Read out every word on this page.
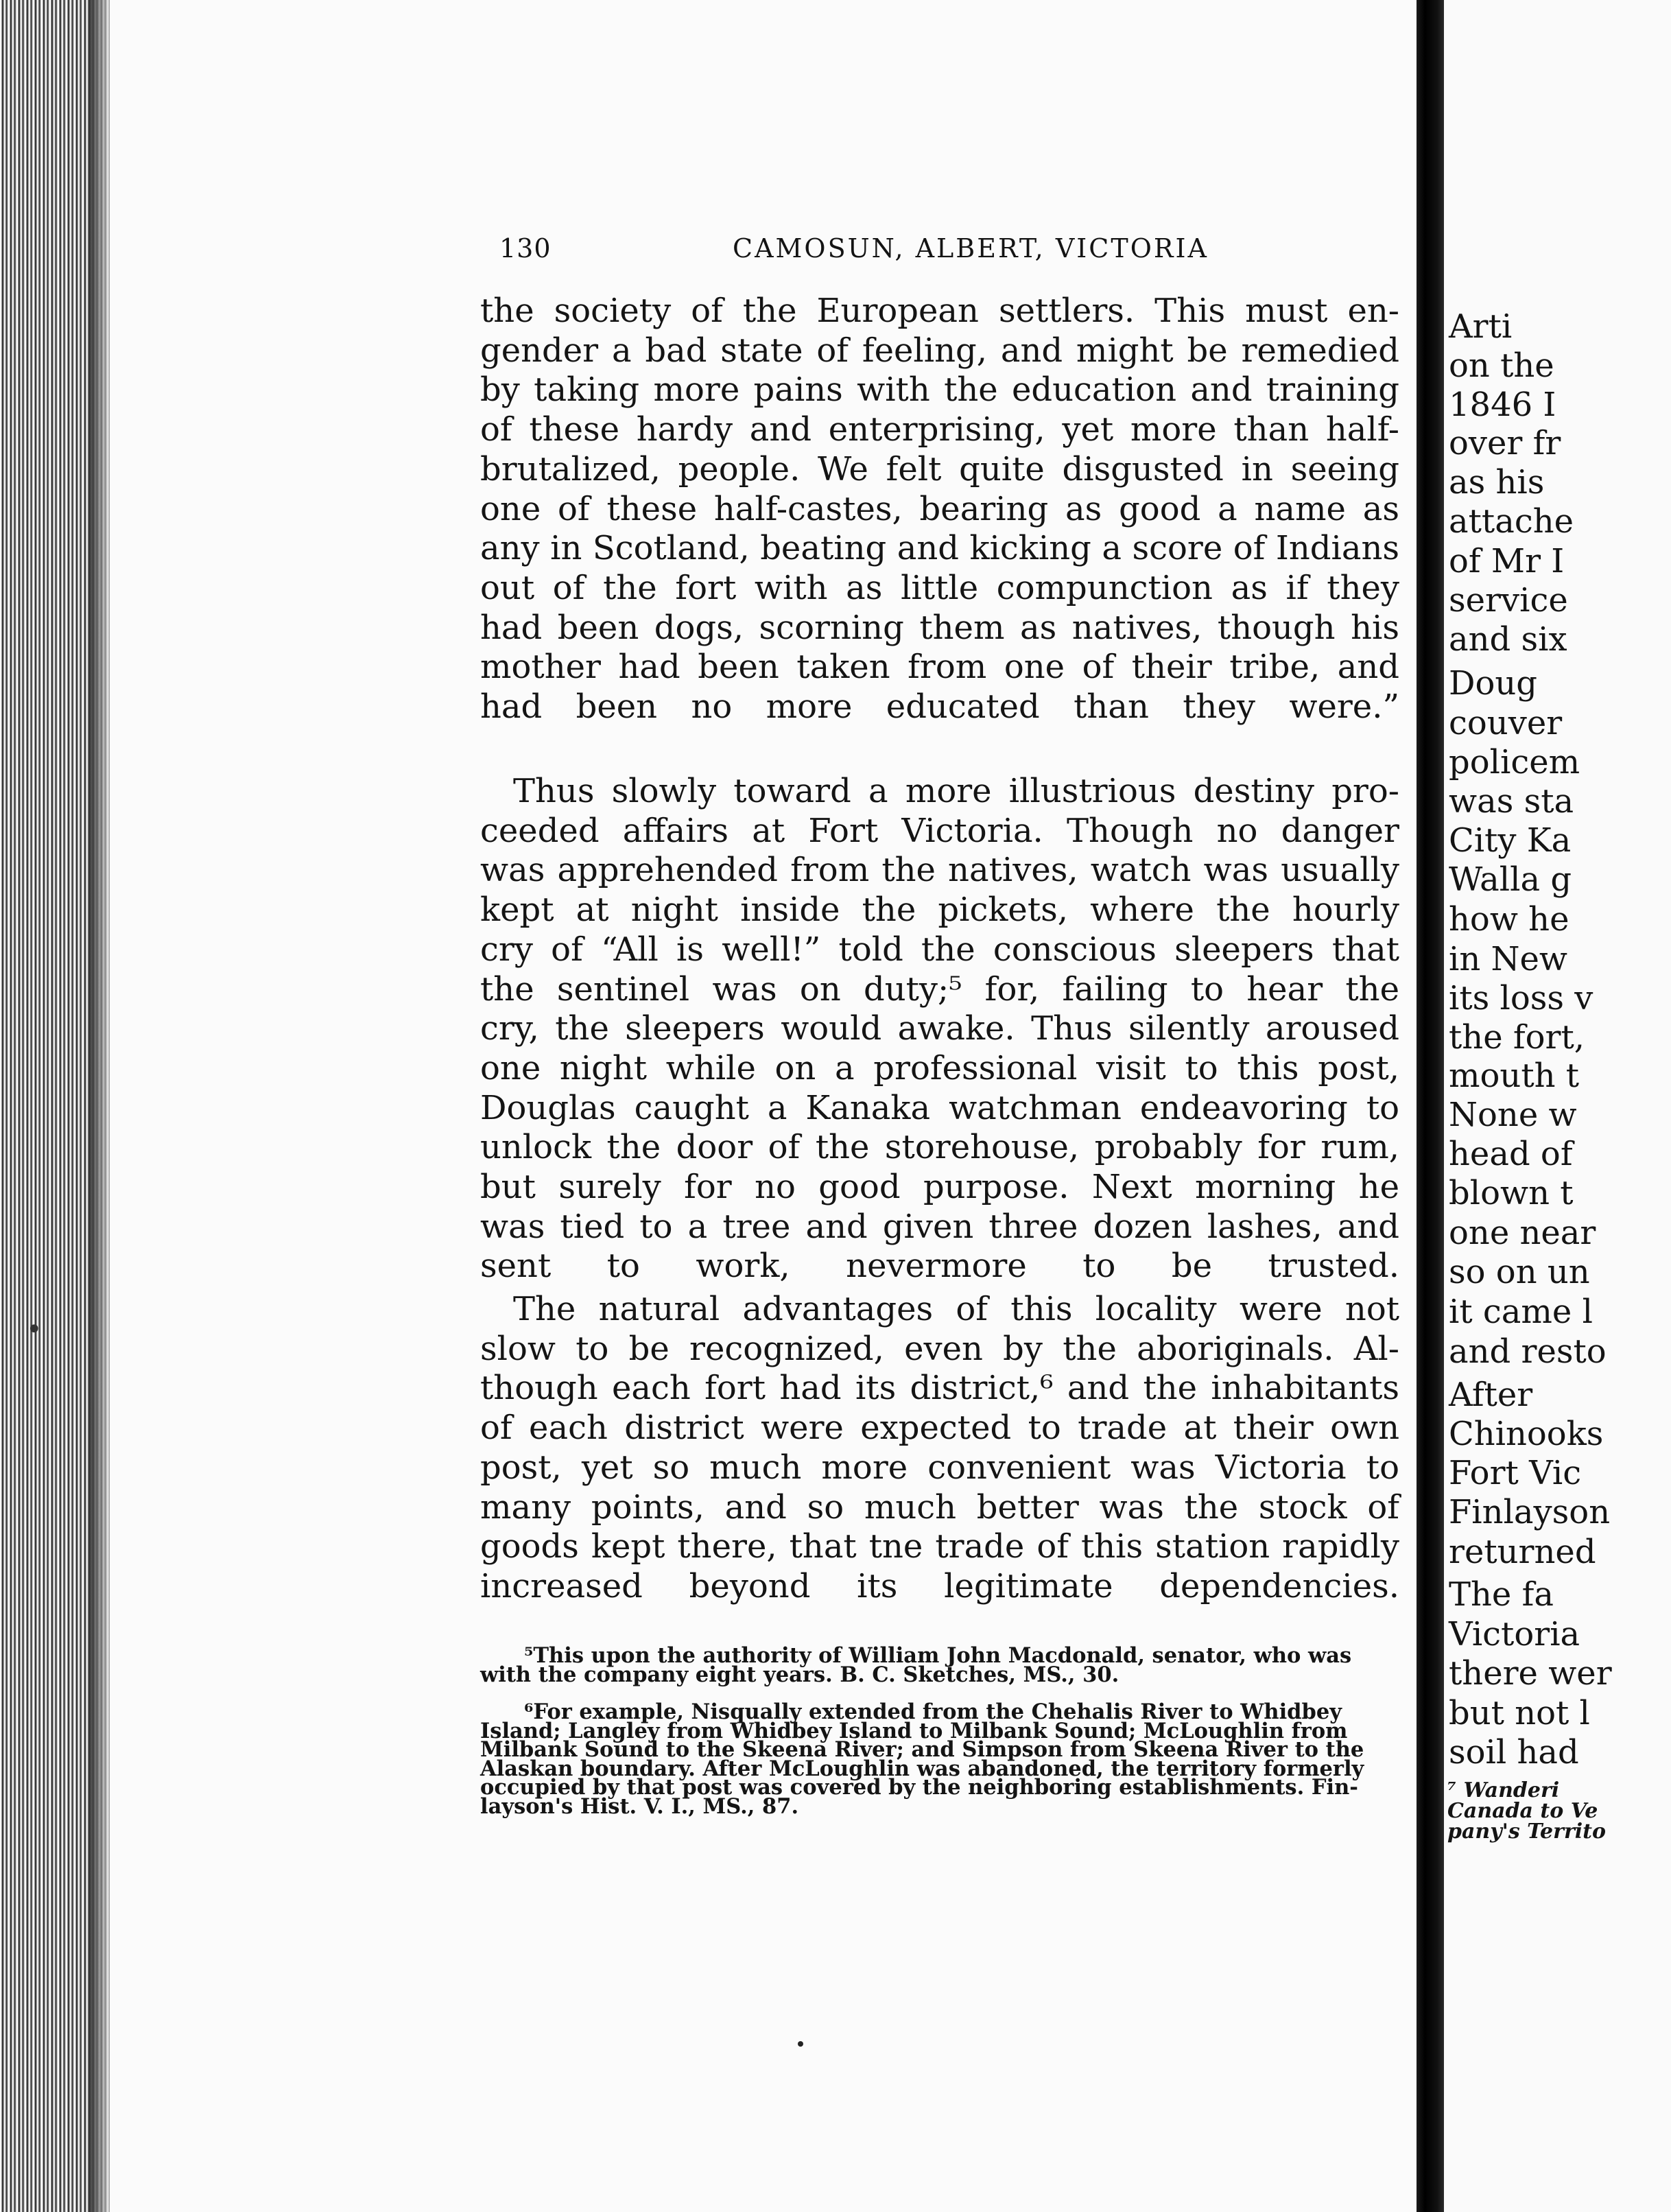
•
130	CAMOSUN, ALBERT, VICTORIA
the society of the European settlers. This must en-
gender a bad state of feeling, and might be remedied
by taking more pains with the education and training
of these hardy and enterprising, yet more than half-
brutalized, people. We felt quite disgusted in seeing
one of these half-castes, bearing as good a name as
any in Scotland, beating and kicking a score of Indians
out of the fort with as little compunction as if they
had been dogs, scorning them as natives, though his
mother had been taken from one of their tribe, and
had been no more educated than they were.”
Thus slowly toward a more illustrious destiny pro-
ceeded affairs at Fort Victoria. Though no danger
was apprehended from the natives, watch was usually
kept at night inside the pickets, where the hourly
cry of “All is well!” told the conscious sleepers that
the sentinel was on duty;⁵ for, failing to hear the
cry, the sleepers would awake. Thus silently aroused
one night while on a professional visit to this post,
Douglas caught a Kanaka watchman endeavoring to
unlock the door of the storehouse, probably for rum,
but surely for no good purpose. Next morning he
was tied to a tree and given three dozen lashes, and
sent to work, nevermore to be trusted.
The natural advantages of this locality were not
slow to be recognized, even by the aboriginals. Al-
though each fort had its district,⁶ and the inhabitants
of each district were expected to trade at their own
post, yet so much more convenient was Victoria to
many points, and so much better was the stock of
goods kept there, that tne trade of this station rapidly
increased beyond its legitimate dependencies.
⁵This upon the authority of William John Macdonald, senator, who was
with the company eight years. B. C. Sketches, MS., 30.
⁶For example, Nisqually extended from the Chehalis River to Whidbey
Island; Langley from Whidbey Island to Milbank Sound; McLoughlin from
Milbank Sound to the Skeena River; and Simpson from Skeena River to the
Alaskan boundary. After McLoughlin was abandoned, the territory formerly
occupied by that post was covered by the neighboring establishments. Fin-
layson's Hist. V. I., MS., 87.
Arti
on the
1846 I
over fr
as his
attache
of Mr I
service
and six
Doug
couver
policem
was sta
City Ka
Walla g
how he
in New
its loss v
the fort,
mouth t
None w
head of
blown t
one near
so on un
it came l
and resto
After
Chinooks
Fort Vic
Finlayson
returned
The fa
Victoria
there wer
but not l
soil had
⁷ Wanderi
Canada to Ve
pany's Territo
